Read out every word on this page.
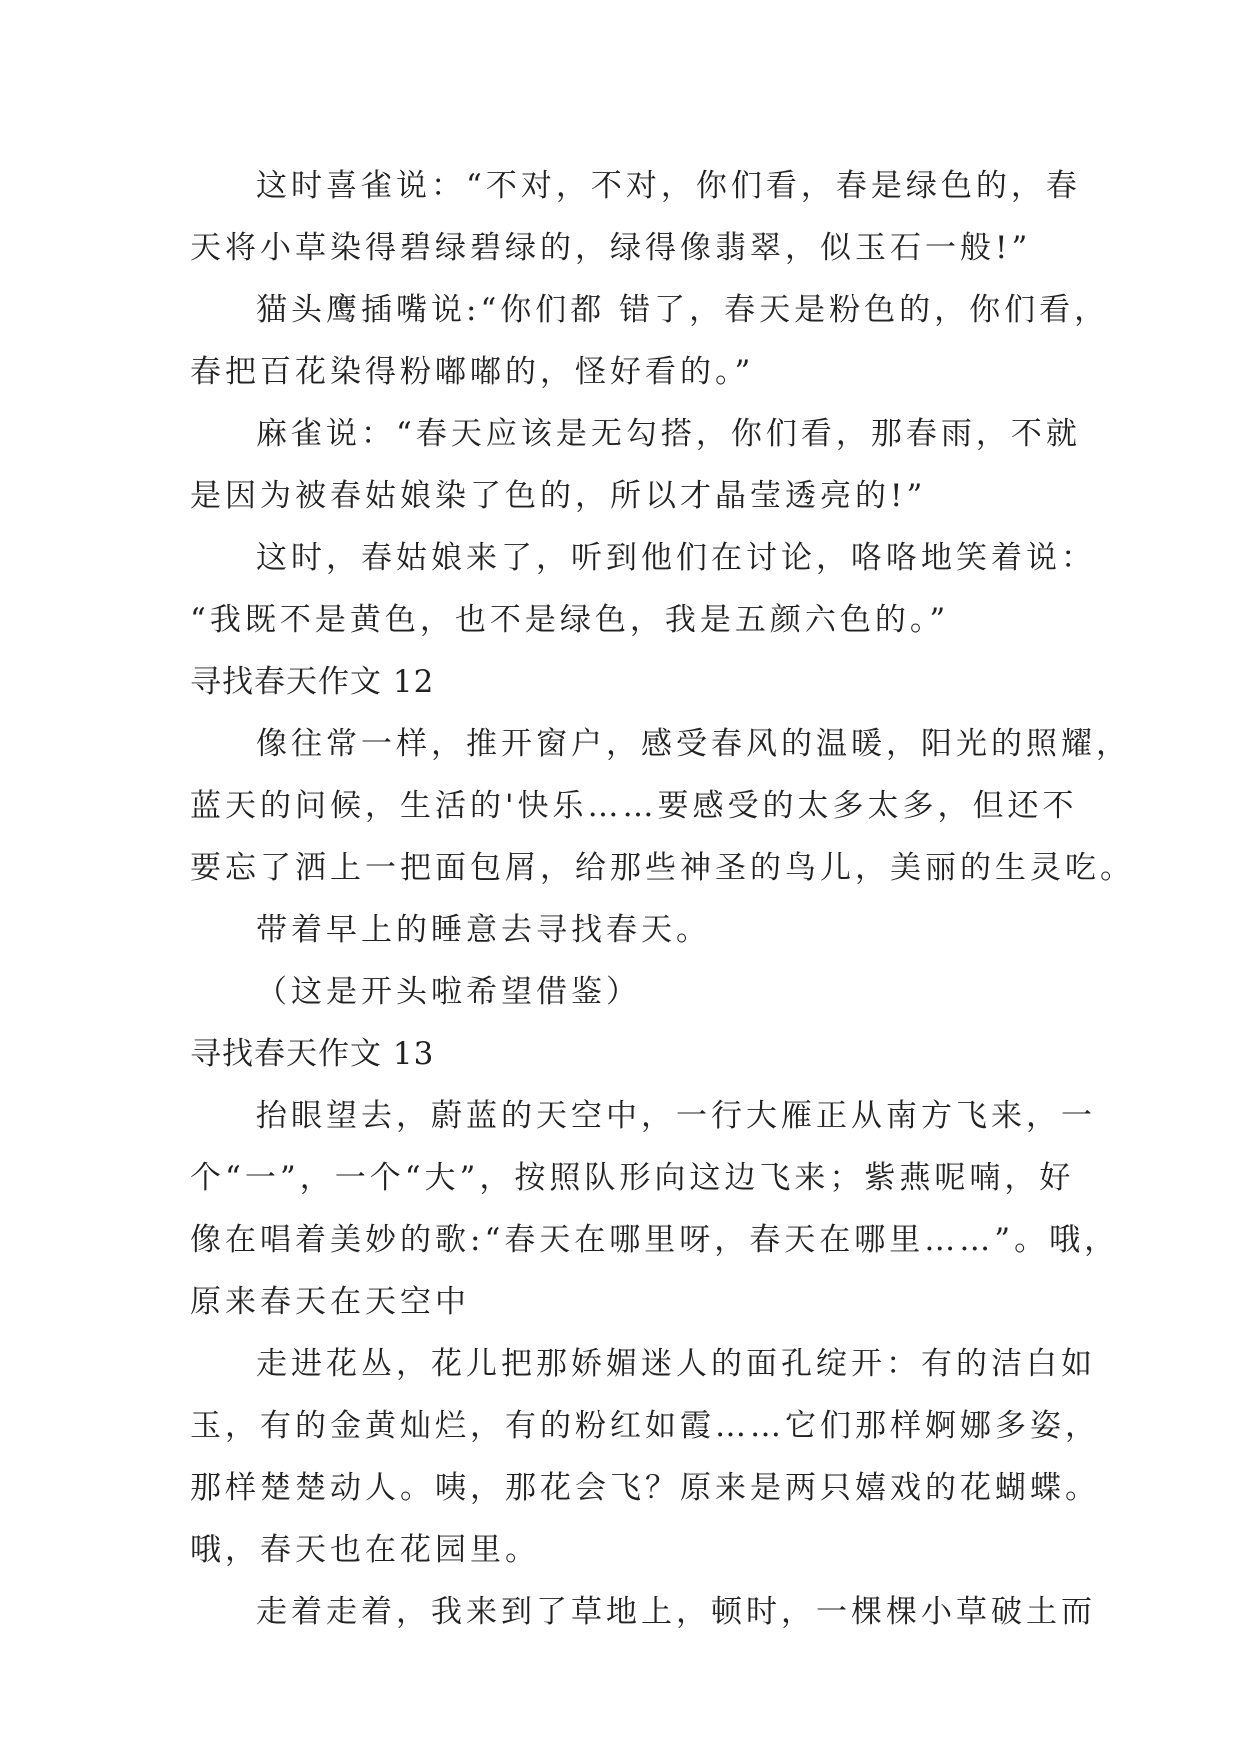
这时喜雀说：“不对，不对，你们看，春是绿色的，春
天将小草染得碧绿碧绿的，绿得像翡翠，似玉石一般!”
猫头鹰插嘴说:“你们都 错了，春天是粉色的，你们看，
春把百花染得粉嘟嘟的，怪好看的。”
麻雀说：“春天应该是无勾搭，你们看，那春雨，不就
是因为被春姑娘染了色的，所以才晶莹透亮的!”
这时，春姑娘来了，听到他们在讨论，咯咯地笑着说：
“我既不是黄色，也不是绿色，我是五颜六色的。”
寻找春天作文 12
像往常一样，推开窗户，感受春风的温暖，阳光的照耀，
蓝天的问候，生活的'快乐……要感受的太多太多，但还不
要忘了洒上一把面包屑，给那些神圣的鸟儿，美丽的生灵吃。
带着早上的睡意去寻找春天。
（这是开头啦希望借鉴）
寻找春天作文 13
抬眼望去，蔚蓝的天空中，一行大雁正从南方飞来，一
个“一”，一个“大”，按照队形向这边飞来；紫燕呢喃，好
像在唱着美妙的歌:“春天在哪里呀，春天在哪里……”。哦，
原来春天在天空中
走进花丛，花儿把那娇媚迷人的面孔绽开：有的洁白如
玉，有的金黄灿烂，有的粉红如霞……它们那样婀娜多姿，
那样楚楚动人。咦，那花会飞？原来是两只嬉戏的花蝴蝶。
哦，春天也在花园里。
走着走着，我来到了草地上，顿时，一棵棵小草破土而
